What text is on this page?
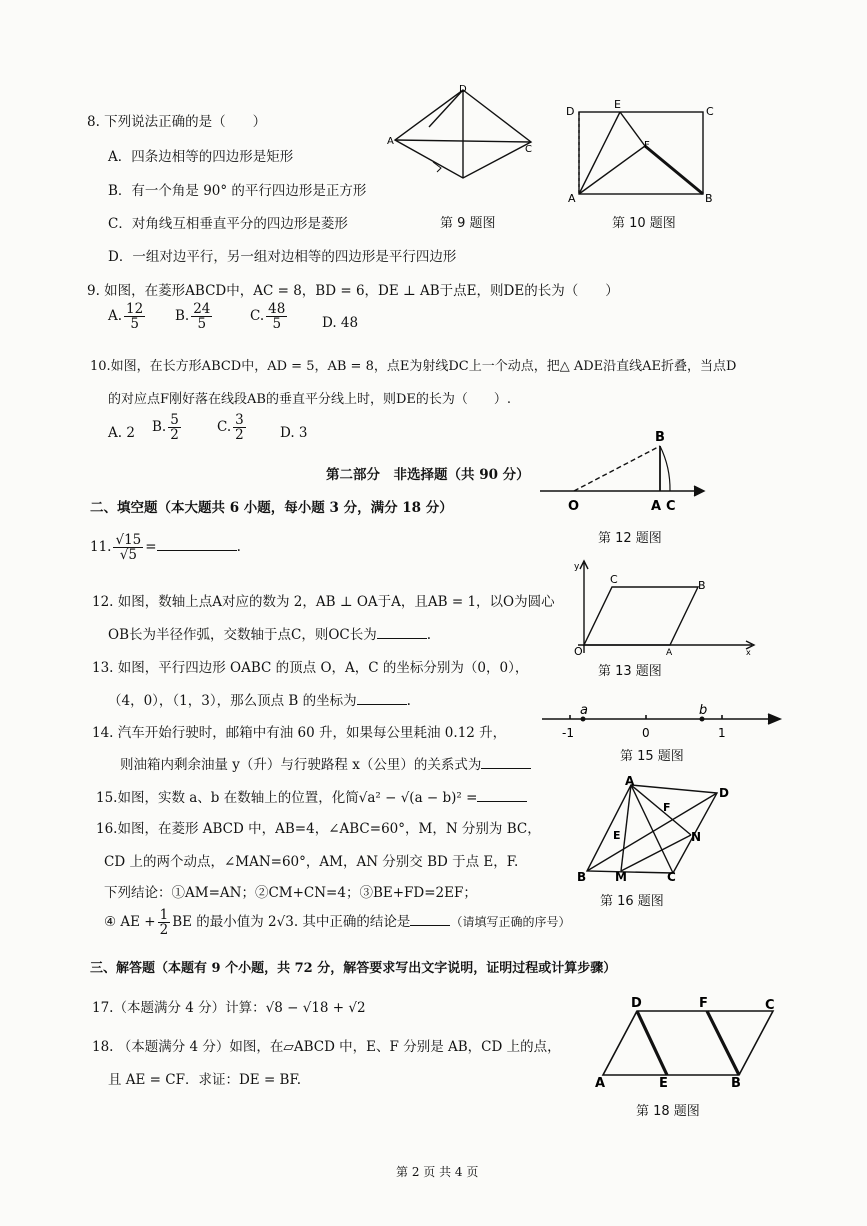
8. 下列说法正确的是（　　）
A．四条边相等的四边形是矩形
B．有一个角是 90° 的平行四边形是正方形
C．对角线互相垂直平分的四边形是菱形
D．一组对边平行，另一组对边相等的四边形是平行四边形
D
A
C
第 9 题图
D
E
C
F
A	B
第 10 题图
9. 如图，在菱形ABCD中，AC = 8，BD = 6，DE ⊥ AB于点E，则DE的长为（　　）
A. $\frac{12}{5} B$. $\frac{24}{5}$	C. $\frac{48}{5}$	D. 48
10.如图，在长方形ABCD中，AD = 5，AB = 8，点E为射线DC上一个动点，把△ ADE沿直线AE折叠，当点D
的对应点F刚好落在线段AB的垂直平分线上时，则DE的长为（　　）.
A. 2 B. $\frac{5}{2}$	C. $\frac{3}{2}$	D. 3
第二部分　非选择题（共 90 分）
B
O	A C
第 12 题图
二、填空题（本大题共 6 小题，每小题 3 分，满分 18 分）
11. $\frac{√15}{√5}$ =	.
12. 如图，数轴上点A对应的数为 2，AB ⊥ OA于A，且AB = 1，以O为圆心
OB长为半径作弧，交数轴于点C，则OC长为	.
y
C	B
O	A	x
第 13 题图
13. 如图，平行四边形 OABC 的顶点 O，A，C 的坐标分别为（0，0），
（4，0），（1，3），那么顶点 B 的坐标为	.
14. 汽车开始行驶时，邮箱中有油 60 升，如果每公里耗油 0.12 升，
则油箱内剩余油量 y（升）与行驶路程 x（公里）的关系式为
a	b
-1	0	1
第 15 题图
15.如图，实数 a、b 在数轴上的位置，化简√a² − √(a − b)² =
16.如图，在菱形 ABCD 中，AB=4，∠ABC=60°，M，N 分别为 BC，
CD 上的两个动点，∠MAN=60°，AM，AN 分别交 BD 于点 E，F.
下列结论：①AM=AN；②CM+CN=4；③BE+FD=2EF；
④ AE + $\frac{1}{2}$ BE 的最小值为 2√3. 其中正确的结论是	（请填写正确的序号）
A
D
F
E	N
B M	C
第 16 题图
三、解答题（本题有 9 个小题，共 72 分，解答要求写出文字说明，证明过程或计算步骤）
17.（本题满分 4 分）计算：√8 − √18 + √2
18. （本题满分 4 分）如图，在▱ABCD 中，E、F 分别是 AB，CD 上的点，
且 AE = CF．求证：DE = BF.
D	F	C
A	E	B
第 18 题图
第 2 页 共 4 页
